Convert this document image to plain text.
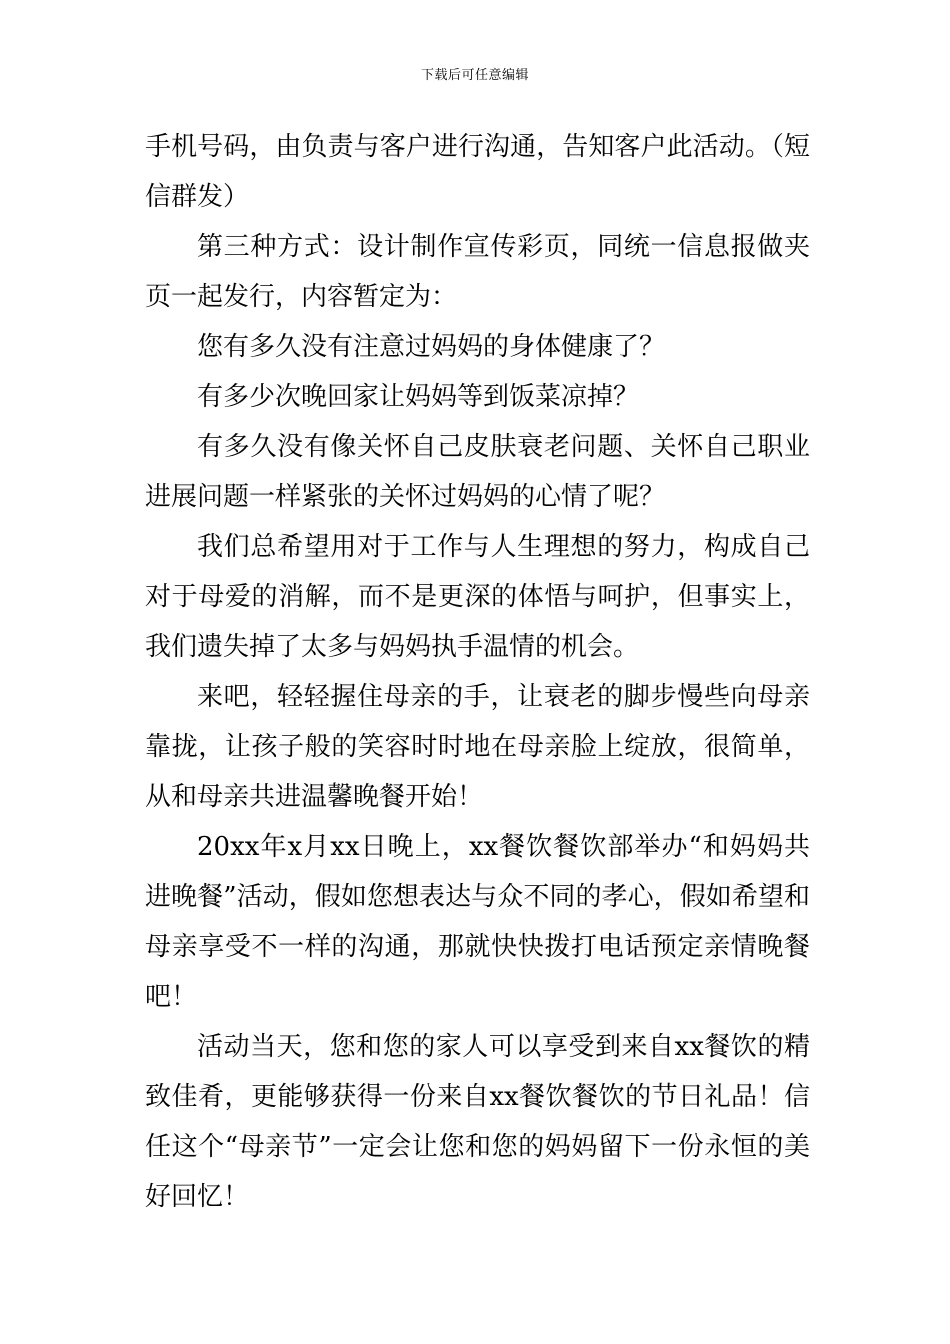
下载后可任意编辑

手机号码，由负责与客户进行沟通，告知客户此活动。（短信群发）

第三种方式：设计制作宣传彩页，同统一信息报做夹页一起发行，内容暂定为：

您有多久没有注意过妈妈的身体健康了？

有多少次晚回家让妈妈等到饭菜凉掉？

有多久没有像关怀自己皮肤衰老问题、关怀自己职业进展问题一样紧张的关怀过妈妈的心情了呢？

我们总希望用对于工作与人生理想的努力，构成自己对于母爱的消解，而不是更深的体悟与呵护，但事实上，我们遗失掉了太多与妈妈执手温情的机会。

来吧，轻轻握住母亲的手，让衰老的脚步慢些向母亲靠拢，让孩子般的笑容时时地在母亲脸上绽放，很简单，从和母亲共进温馨晚餐开始！

20xx年x月xx日晚上，xx餐饮餐饮部举办“和妈妈共进晚餐”活动，假如您想表达与众不同的孝心，假如希望和母亲享受不一样的沟通，那就快快拨打电话预定亲情晚餐吧！

活动当天，您和您的家人可以享受到来自xx餐饮的精致佳肴，更能够获得一份来自xx餐饮餐饮的节日礼品！信任这个“母亲节”一定会让您和您的妈妈留下一份永恒的美好回忆！
